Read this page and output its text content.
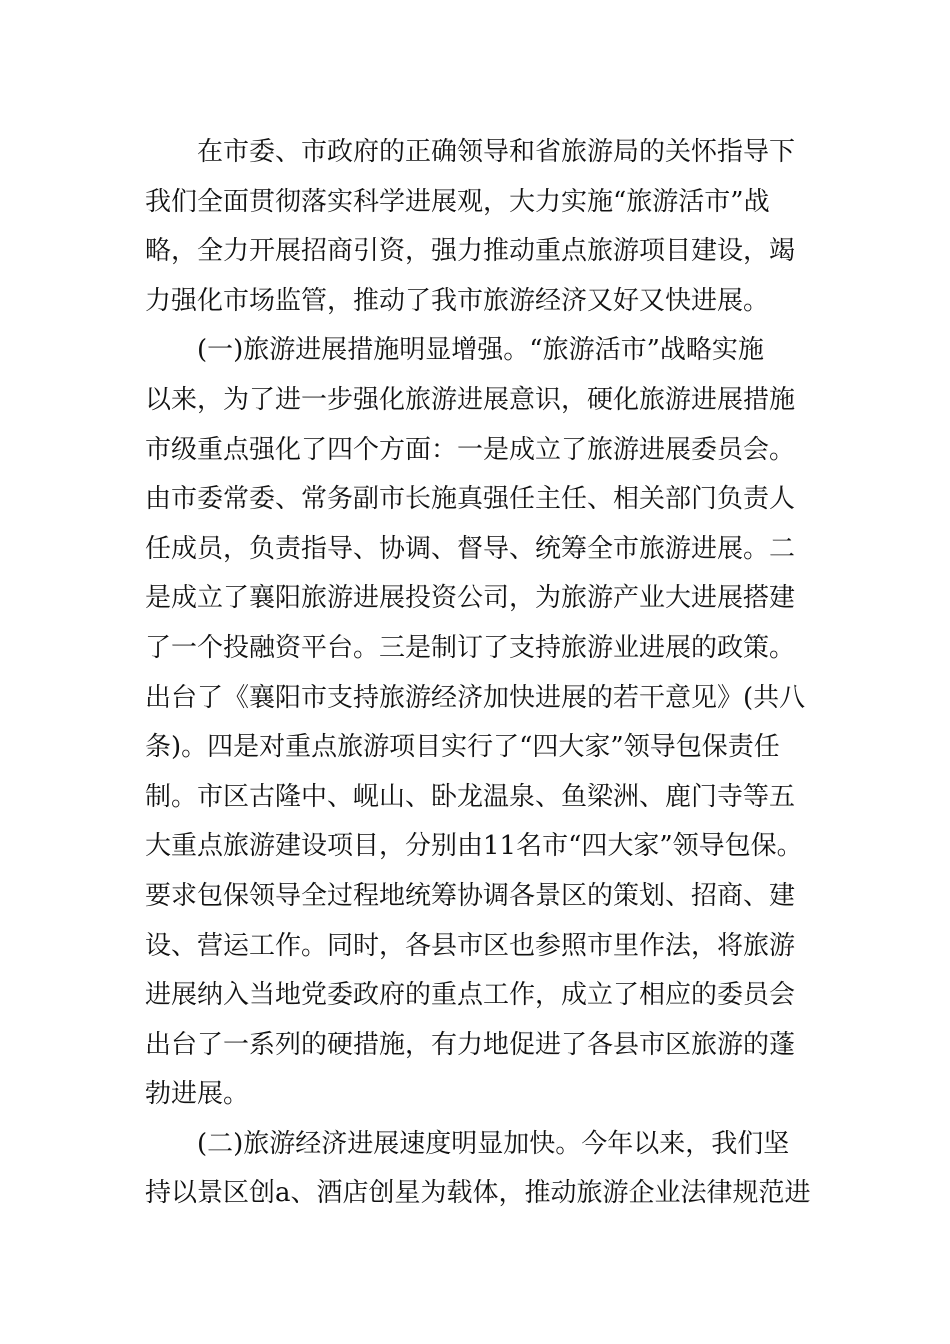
在市委、市政府的正确领导和省旅游局的关怀指导下
我们全面贯彻落实科学进展观，大力实施“旅游活市”战
略，全力开展招商引资，强力推动重点旅游项目建设，竭
力强化市场监管，推动了我市旅游经济又好又快进展。
(一)旅游进展措施明显增强。“旅游活市”战略实施
以来，为了进一步强化旅游进展意识，硬化旅游进展措施
市级重点强化了四个方面：一是成立了旅游进展委员会。
由市委常委、常务副市长施真强任主任、相关部门负责人
任成员，负责指导、协调、督导、统筹全市旅游进展。二
是成立了襄阳旅游进展投资公司，为旅游产业大进展搭建
了一个投融资平台。三是制订了支持旅游业进展的政策。
出台了《襄阳市支持旅游经济加快进展的若干意见》(共八
条)。四是对重点旅游项目实行了“四大家”领导包保责任
制。市区古隆中、岘山、卧龙温泉、鱼梁洲、鹿门寺等五
大重点旅游建设项目，分别由11名市“四大家”领导包保。
要求包保领导全过程地统筹协调各景区的策划、招商、建
设、营运工作。同时，各县市区也参照市里作法，将旅游
进展纳入当地党委政府的重点工作，成立了相应的委员会
出台了一系列的硬措施，有力地促进了各县市区旅游的蓬
勃进展。
(二)旅游经济进展速度明显加快。今年以来，我们坚
持以景区创a、酒店创星为载体，推动旅游企业法律规范进
